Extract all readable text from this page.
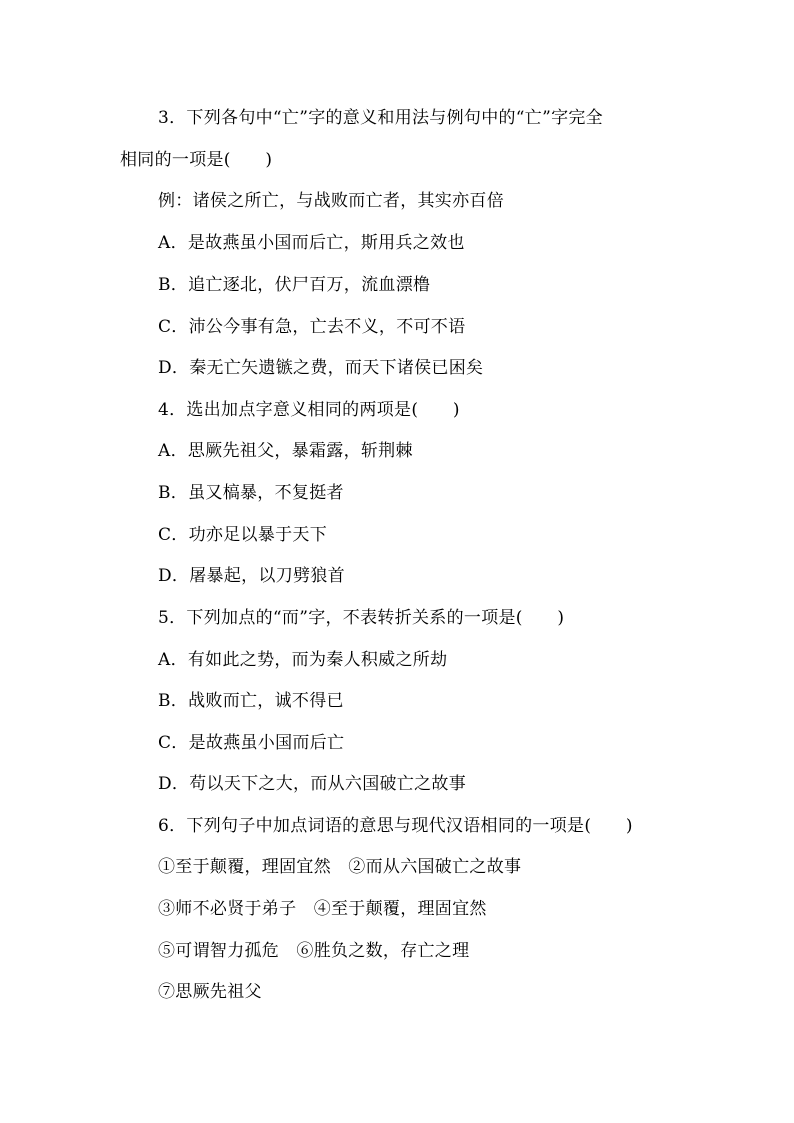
3．下列各句中“亡”字的意义和用法与例句中的“亡”字完全
相同的一项是(　　)
例：诸侯之所亡，与战败而亡者，其实亦百倍
A．是故燕虽小国而后亡，斯用兵之效也
B．追亡逐北，伏尸百万，流血漂橹
C．沛公今事有急，亡去不义，不可不语
D．秦无亡矢遗镞之费，而天下诸侯已困矣
4．选出加点字意义相同的两项是(　　)
A．思厥先祖父，暴霜露，斩荆棘
B．虽又槁暴，不复挺者
C．功亦足以暴于天下
D．屠暴起，以刀劈狼首
5．下列加点的“而”字，不表转折关系的一项是(　　)
A．有如此之势，而为秦人积威之所劫
B．战败而亡，诚不得已
C．是故燕虽小国而后亡
D．苟以天下之大，而从六国破亡之故事
6．下列句子中加点词语的意思与现代汉语相同的一项是(　　)
①至于颠覆，理固宜然　②而从六国破亡之故事
③师不必贤于弟子　④至于颠覆，理固宜然
⑤可谓智力孤危　⑥胜负之数，存亡之理
⑦思厥先祖父
